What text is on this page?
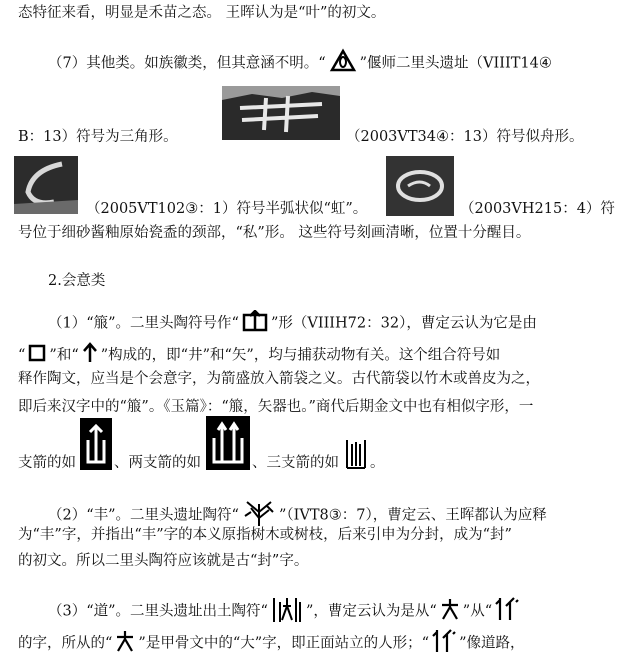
态特征来看，明显是禾苗之态。 王晖认为是“叶”的初文。
（7）其他类。如族徽类，但其意涵不明。“ ”偃师二里头遗址（VIIIT14④
B：13）符号为三角形。	（2003VT34④：13）符号似舟形。
（2005VT102③：1）符号半弧状似“虹”。	（2003VH215：4）符
号位于细砂酱釉原始瓷盉的颈部，“私”形。 这些符号刻画清晰，位置十分醒目。
2.会意类
（1）“箙”。二里头陶符号作“ ”形（VIIIH72：32），曹定云认为它是由
“ ”和“ ”构成的，即“井”和“矢”，均与捕获动物有关。这个组合符号如
释作陶文，应当是个会意字，为箭盛放入箭袋之义。古代箭袋以竹木或兽皮为之，
即后来汉字中的“箙”。《玉篇》：“箙，矢器也。”商代后期金文中也有相似字形，一
支箭的如	、两支箭的如	、三支箭的如 。
（2）“丰”。二里头遗址陶符“	”（IVT8③：7），曹定云、王晖都认为应释
为“丰”字，并指出“丰”字的本义原指树木或树枝，后来引申为分封，成为“封”
的初文。所以二里头陶符应该就是古“封”字。
（3）“道”。二里头遗址出土陶符“	”，曹定云认为是从“ ”从“
的字，所从的“ ”是甲骨文中的“大”字，即正面站立的人形；“ ”像道路，
